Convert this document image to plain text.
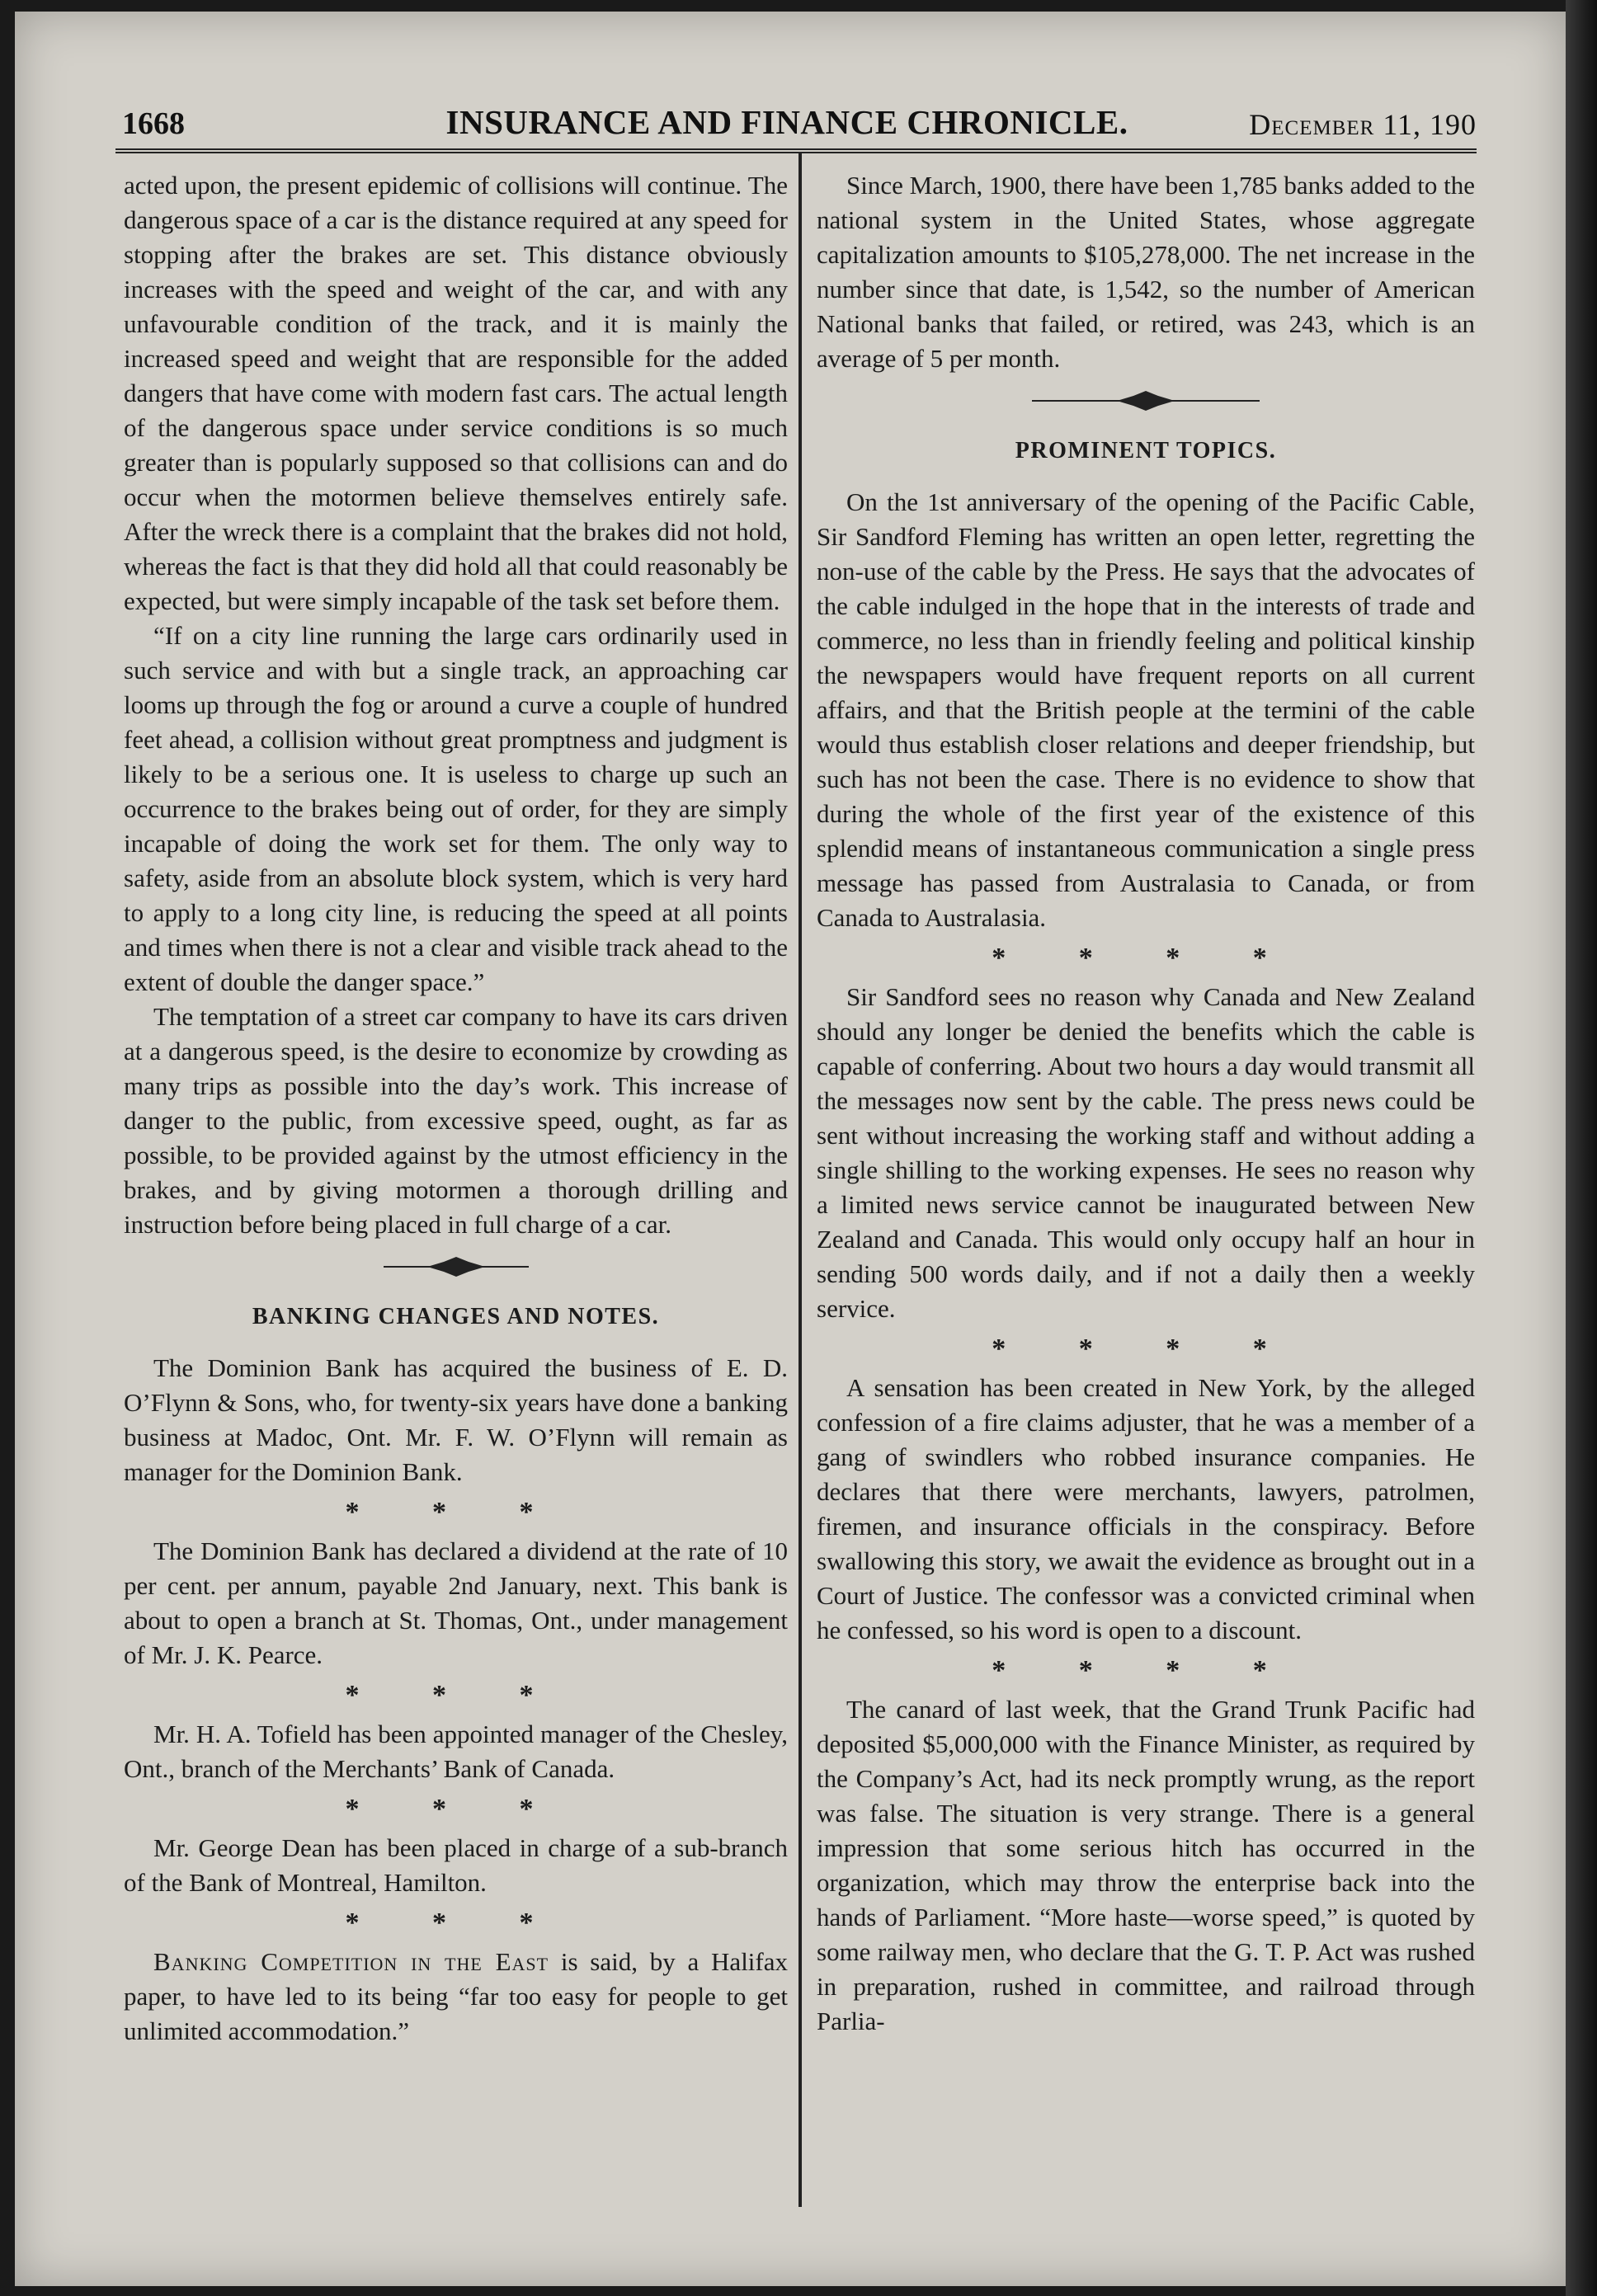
1668	INSURANCE AND FINANCE CHRONICLE.	December 11, 190

acted upon, the present epidemic of collisions will continue. The dangerous space of a car is the distance required at any speed for stopping after the brakes are set. This distance obviously increases with the speed and weight of the car, and with any unfavourable condition of the track, and it is mainly the increased speed and weight that are responsible for the added dangers that have come with modern fast cars. The actual length of the dangerous space under service conditions is so much greater than is popularly supposed so that collisions can and do occur when the motormen believe themselves entirely safe. After the wreck there is a complaint that the brakes did not hold, whereas the fact is that they did hold all that could reasonably be expected, but were simply incapable of the task set before them.

“If on a city line running the large cars ordinarily used in such service and with but a single track, an approaching car looms up through the fog or around a curve a couple of hundred feet ahead, a collision without great promptness and judgment is likely to be a serious one. It is useless to charge up such an occurrence to the brakes being out of order, for they are simply incapable of doing the work set for them. The only way to safety, aside from an absolute block system, which is very hard to apply to a long city line, is reducing the speed at all points and times when there is not a clear and visible track ahead to the extent of double the danger space.”

The temptation of a street car company to have its cars driven at a dangerous speed, is the desire to economize by crowding as many trips as possible into the day’s work. This increase of danger to the public, from excessive speed, ought, as far as possible, to be provided against by the utmost efficiency in the brakes, and by giving motormen a thorough drilling and instruction before being placed in full charge of a car.

BANKING CHANGES AND NOTES.

The Dominion Bank has acquired the business of E. D. O’Flynn & Sons, who, for twenty-six years have done a banking business at Madoc, Ont. Mr. F. W. O’Flynn will remain as manager for the Dominion Bank.

* * *

The Dominion Bank has declared a dividend at the rate of 10 per cent. per annum, payable 2nd January, next. This bank is about to open a branch at St. Thomas, Ont., under management of Mr. J. K. Pearce.

* * *

Mr. H. A. Tofield has been appointed manager of the Chesley, Ont., branch of the Merchants’ Bank of Canada.

* * *

Mr. George Dean has been placed in charge of a sub-branch of the Bank of Montreal, Hamilton.

* * *

Banking Competition in the East is said, by a Halifax paper, to have led to its being “far too easy for people to get unlimited accommodation.”

Since March, 1900, there have been 1,785 banks added to the national system in the United States, whose aggregate capitalization amounts to $105,278,000. The net increase in the number since that date, is 1,542, so the number of American National banks that failed, or retired, was 243, which is an average of 5 per month.

PROMINENT TOPICS.

On the 1st anniversary of the opening of the Pacific Cable, Sir Sandford Fleming has written an open letter, regretting the non-use of the cable by the Press. He says that the advocates of the cable indulged in the hope that in the interests of trade and commerce, no less than in friendly feeling and political kinship the newspapers would have frequent reports on all current affairs, and that the British people at the termini of the cable would thus establish closer relations and deeper friendship, but such has not been the case. There is no evidence to show that during the whole of the first year of the existence of this splendid means of instantaneous communication a single press message has passed from Australasia to Canada, or from Canada to Australasia.

* * * *

Sir Sandford sees no reason why Canada and New Zealand should any longer be denied the benefits which the cable is capable of conferring. About two hours a day would transmit all the messages now sent by the cable. The press news could be sent without increasing the working staff and without adding a single shilling to the working expenses. He sees no reason why a limited news service cannot be inaugurated between New Zealand and Canada. This would only occupy half an hour in sending 500 words daily, and if not a daily then a weekly service.

* * * *

A sensation has been created in New York, by the alleged confession of a fire claims adjuster, that he was a member of a gang of swindlers who robbed insurance companies. He declares that there were merchants, lawyers, patrolmen, firemen, and insurance officials in the conspiracy. Before swallowing this story, we await the evidence as brought out in a Court of Justice. The confessor was a convicted criminal when he confessed, so his word is open to a discount.

* * * *

The canard of last week, that the Grand Trunk Pacific had deposited $5,000,000 with the Finance Minister, as required by the Company’s Act, had its neck promptly wrung, as the report was false. The situation is very strange. There is a general impression that some serious hitch has occurred in the organization, which may throw the enterprise back into the hands of Parliament. “More haste—worse speed,” is quoted by some railway men, who declare that the G. T. P. Act was rushed in preparation, rushed in committee, and railroad through Parlia-
